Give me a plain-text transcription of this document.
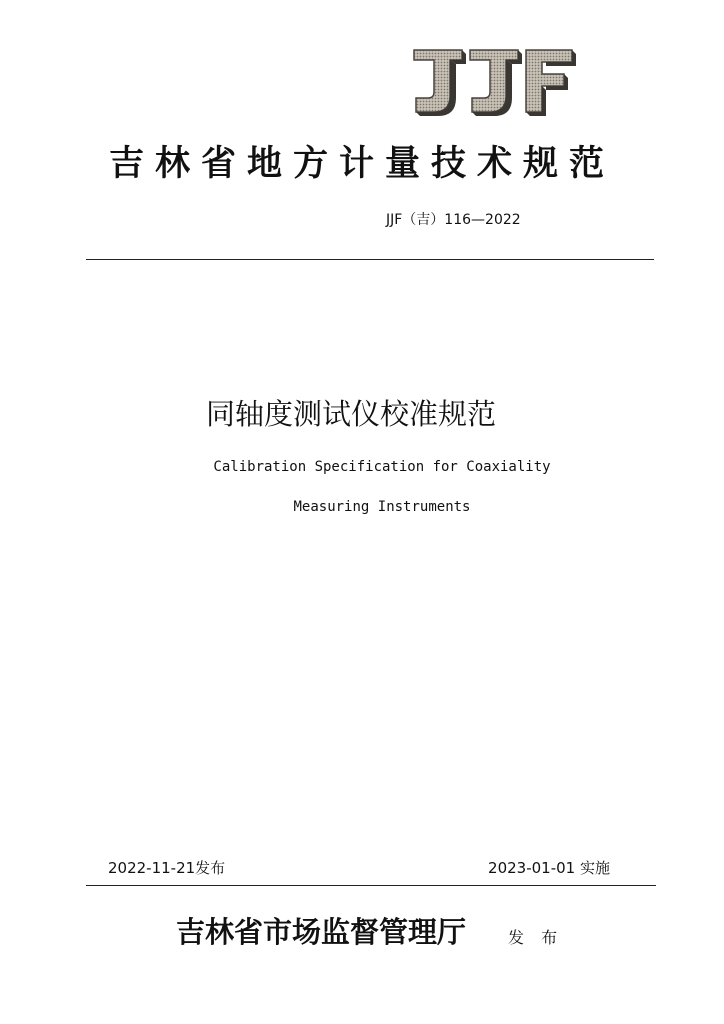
吉林省地方计量技术规范
JJF（吉）116—2022
同轴度测试仪校准规范
Calibration Specification for Coaxiality
Measuring Instruments
2022-11-21发布	2023-01-01 实施
吉林省市场监督管理厅	发 布
